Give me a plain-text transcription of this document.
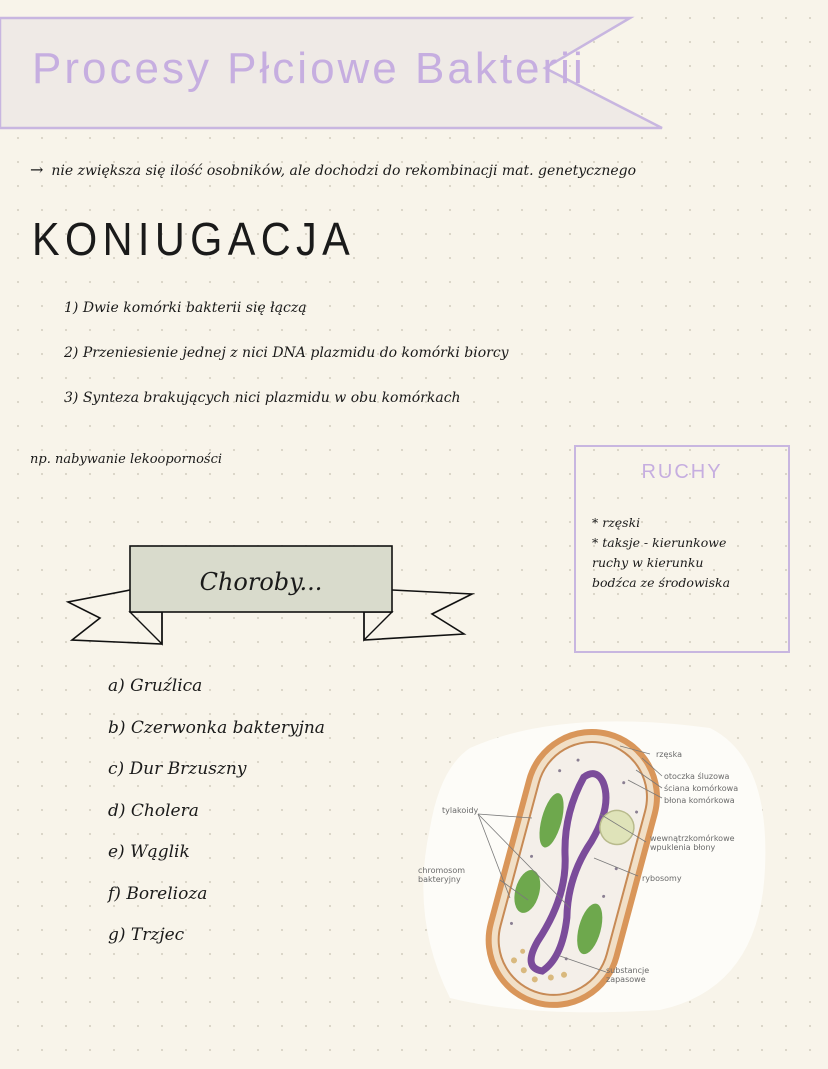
Procesy Płciowe Bakterii
→ nie zwiększa się ilość osobników, ale dochodzi do rekombinacji mat. genetycznego
KONIUGACJA
1) Dwie komórki bakterii się łączą
2) Przeniesienie jednej z nici DNA plazmidu do komórki biorcy
3) Synteza brakujących nici plazmidu w obu komórkach
np. nabywanie lekooporności
RUCHY
* rzęski
* taksje - kierunkowe
ruchy w kierunku
bodźca ze środowiska
Choroby...
a) Gruźlica
b) Czerwonka bakteryjna
c) Dur Brzuszny
d) Cholera
e) Wąglik
f) Borelioza
g) Trzjec
rzęska
otoczka śluzowa
ściana komórkowa
błona komórkowa
tylakoidy
wewnątrzkomórkowe wpuklenia błony
chromosom bakteryjny	rybosomy
substancje zapasowe
